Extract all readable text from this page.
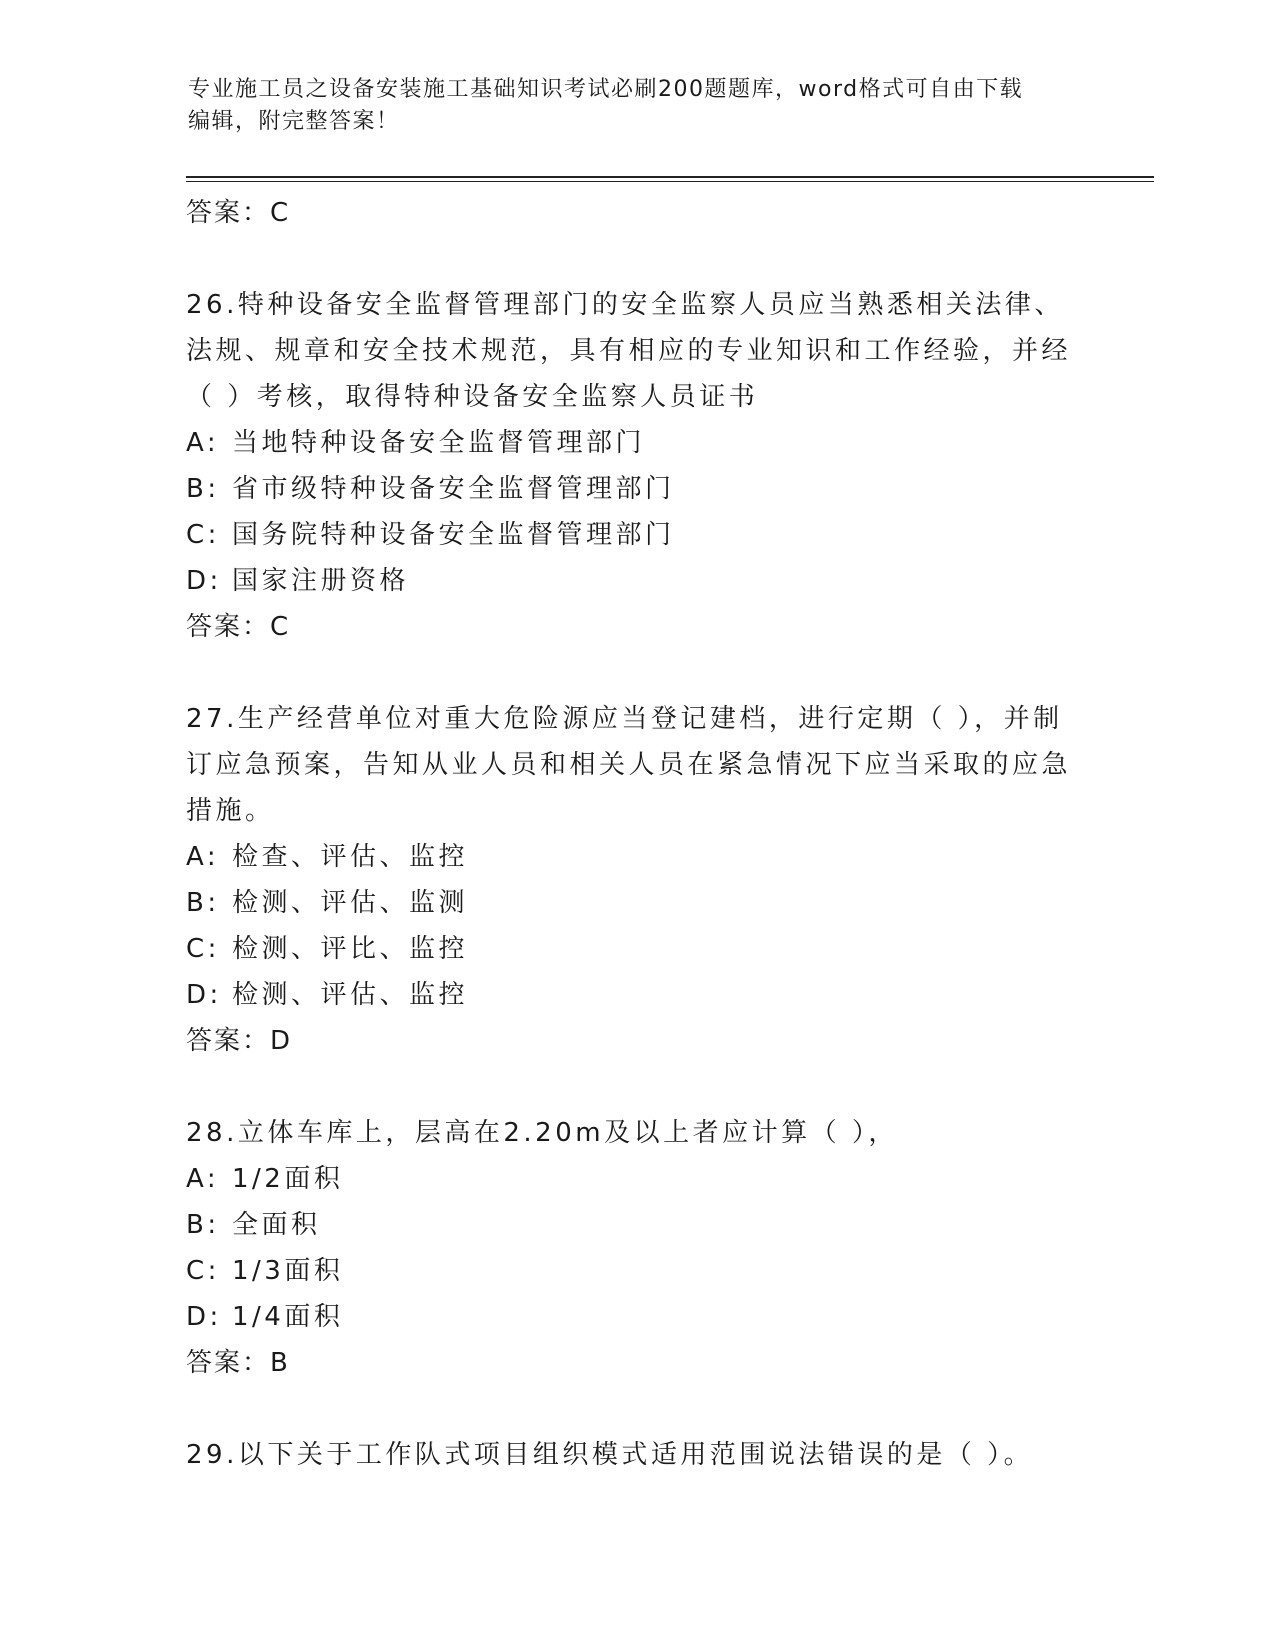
专业施工员之设备安装施工基础知识考试必刷200题题库，word格式可自由下载
编辑，附完整答案！
答案：C
26.特种设备安全监督管理部门的安全监察人员应当熟悉相关法律、法规、规章和安全技术规范，具有相应的专业知识和工作经验，并经（ ）考核，取得特种设备安全监察人员证书
A: 当地特种设备安全监督管理部门
B: 省市级特种设备安全监督管理部门
C: 国务院特种设备安全监督管理部门
D: 国家注册资格
答案：C
27.生产经营单位对重大危险源应当登记建档，进行定期（ ），并制订应急预案，告知从业人员和相关人员在紧急情况下应当采取的应急措施。
A: 检查、评估、监控
B: 检测、评估、监测
C: 检测、评比、监控
D: 检测、评估、监控
答案：D
28.立体车库上，层高在2.20m及以上者应计算（ ），
A: 1/2面积
B: 全面积
C: 1/3面积
D: 1/4面积
答案：B
29.以下关于工作队式项目组织模式适用范围说法错误的是（ ）。
